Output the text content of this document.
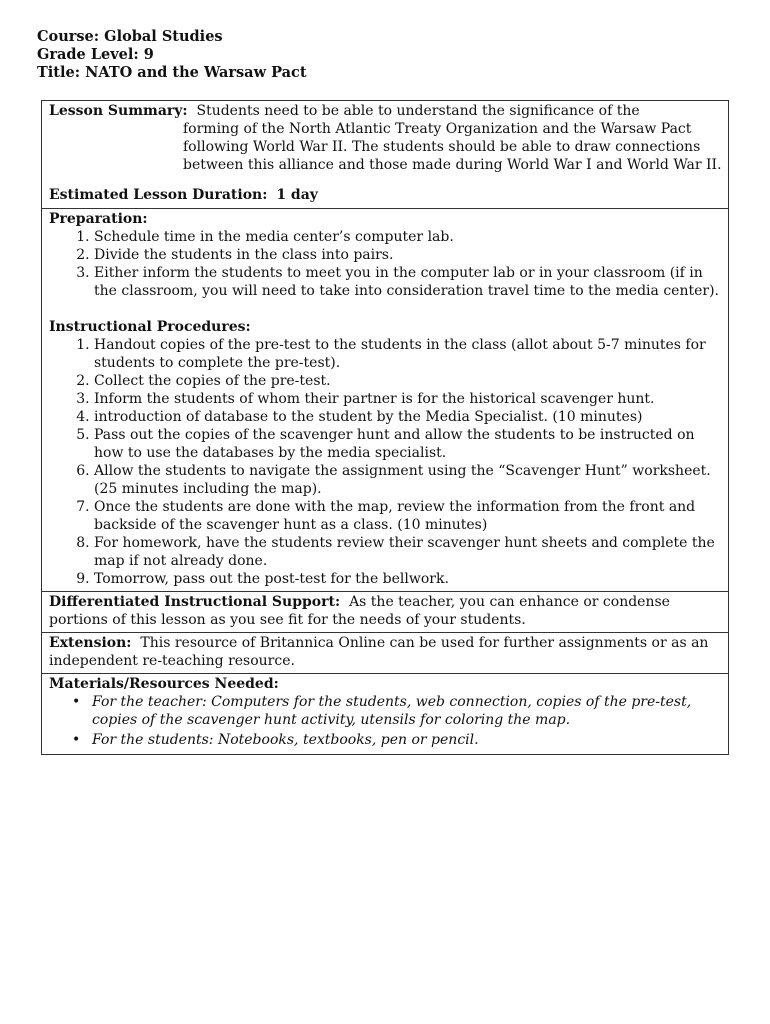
Course: Global Studies
Grade Level: 9
Title: NATO and the Warsaw Pact
Lesson Summary: Students need to be able to understand the significance of the
forming of the North Atlantic Treaty Organization and the Warsaw Pact following World War II. The students should be able to draw connections between this alliance and those made during World War I and World War II.
Estimated Lesson Duration: 1 day
Preparation:
1. Schedule time in the media center’s computer lab.
2. Divide the students in the class into pairs.
3. Either inform the students to meet you in the computer lab or in your classroom (if in the classroom, you will need to take into consideration travel time to the media center).
Instructional Procedures:
1. Handout copies of the pre-test to the students in the class (allot about 5-7 minutes for students to complete the pre-test).
2. Collect the copies of the pre-test.
3. Inform the students of whom their partner is for the historical scavenger hunt.
4. introduction of database to the student by the Media Specialist. (10 minutes)
5. Pass out the copies of the scavenger hunt and allow the students to be instructed on how to use the databases by the media specialist.
6. Allow the students to navigate the assignment using the “Scavenger Hunt” worksheet. (25 minutes including the map).
7. Once the students are done with the map, review the information from the front and backside of the scavenger hunt as a class. (10 minutes)
8. For homework, have the students review their scavenger hunt sheets and complete the map if not already done.
9. Tomorrow, pass out the post-test for the bellwork.
Differentiated Instructional Support: As the teacher, you can enhance or condense portions of this lesson as you see fit for the needs of your students.
Extension: This resource of Britannica Online can be used for further assignments or as an independent re-teaching resource.
Materials/Resources Needed:
• For the teacher: Computers for the students, web connection, copies of the pre-test, copies of the scavenger hunt activity, utensils for coloring the map.
• For the students: Notebooks, textbooks, pen or pencil.
